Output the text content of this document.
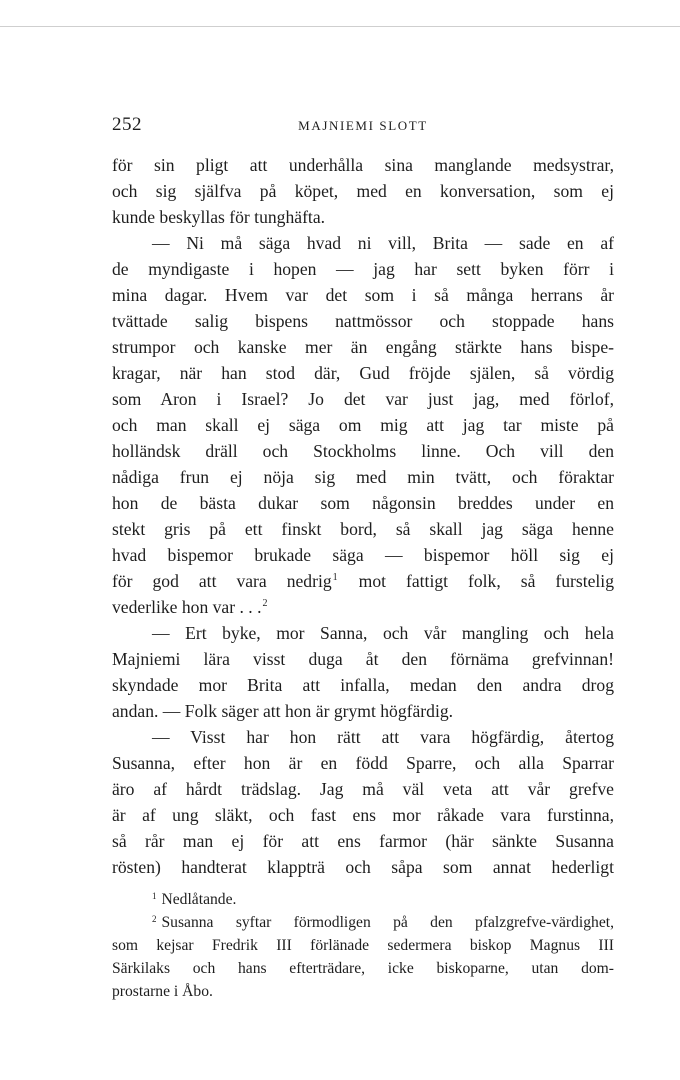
252	MAJNIEMI SLOTT
för sin pligt att underhålla sina manglande medsystrar,
och sig själfva på köpet, med en konversation, som ej
kunde beskyllas för tunghäfta.
— Ni må säga hvad ni vill, Brita — sade en af
de myndigaste i hopen — jag har sett byken förr i
mina dagar. Hvem var det som i så många herrans år
tvättade salig bispens nattmössor och stoppade hans
strumpor och kanske mer än engång stärkte hans bispe-
kragar, när han stod där, Gud fröjde själen, så vördig
som Aron i Israel? Jo det var just jag, med förlof,
och man skall ej säga om mig att jag tar miste på
holländsk dräll och Stockholms linne. Och vill den
nådiga frun ej nöja sig med min tvätt, och föraktar
hon de bästa dukar som någonsin breddes under en
stekt gris på ett finskt bord, så skall jag säga henne
hvad bispemor brukade säga — bispemor höll sig ej
för god att vara nedrig$^1$ mot fattigt folk, så furstelig
vederlike hon var . . .$^2$
— Ert byke, mor Sanna, och vår mangling och hela
Majniemi lära visst duga åt den förnäma grefvinnan!
skyndade mor Brita att infalla, medan den andra drog
andan. — Folk säger att hon är grymt högfärdig.
— Visst har hon rätt att vara högfärdig, återtog
Susanna, efter hon är en född Sparre, och alla Sparrar
äro af hårdt trädslag. Jag må väl veta att vår grefve
är af ung släkt, och fast ens mor råkade vara furstinna,
så rår man ej för att ens farmor (här sänkte Susanna
rösten) handterat klappträ och såpa som annat hederligt
$^1$ Nedlåtande.
$^2$ Susanna syftar förmodligen på den pfalzgrefve-värdighet,
som kejsar Fredrik III förlänade sedermera biskop Magnus III
Särkilaks och hans efterträdare, icke biskoparne, utan dom-
prostarne i Åbo.
